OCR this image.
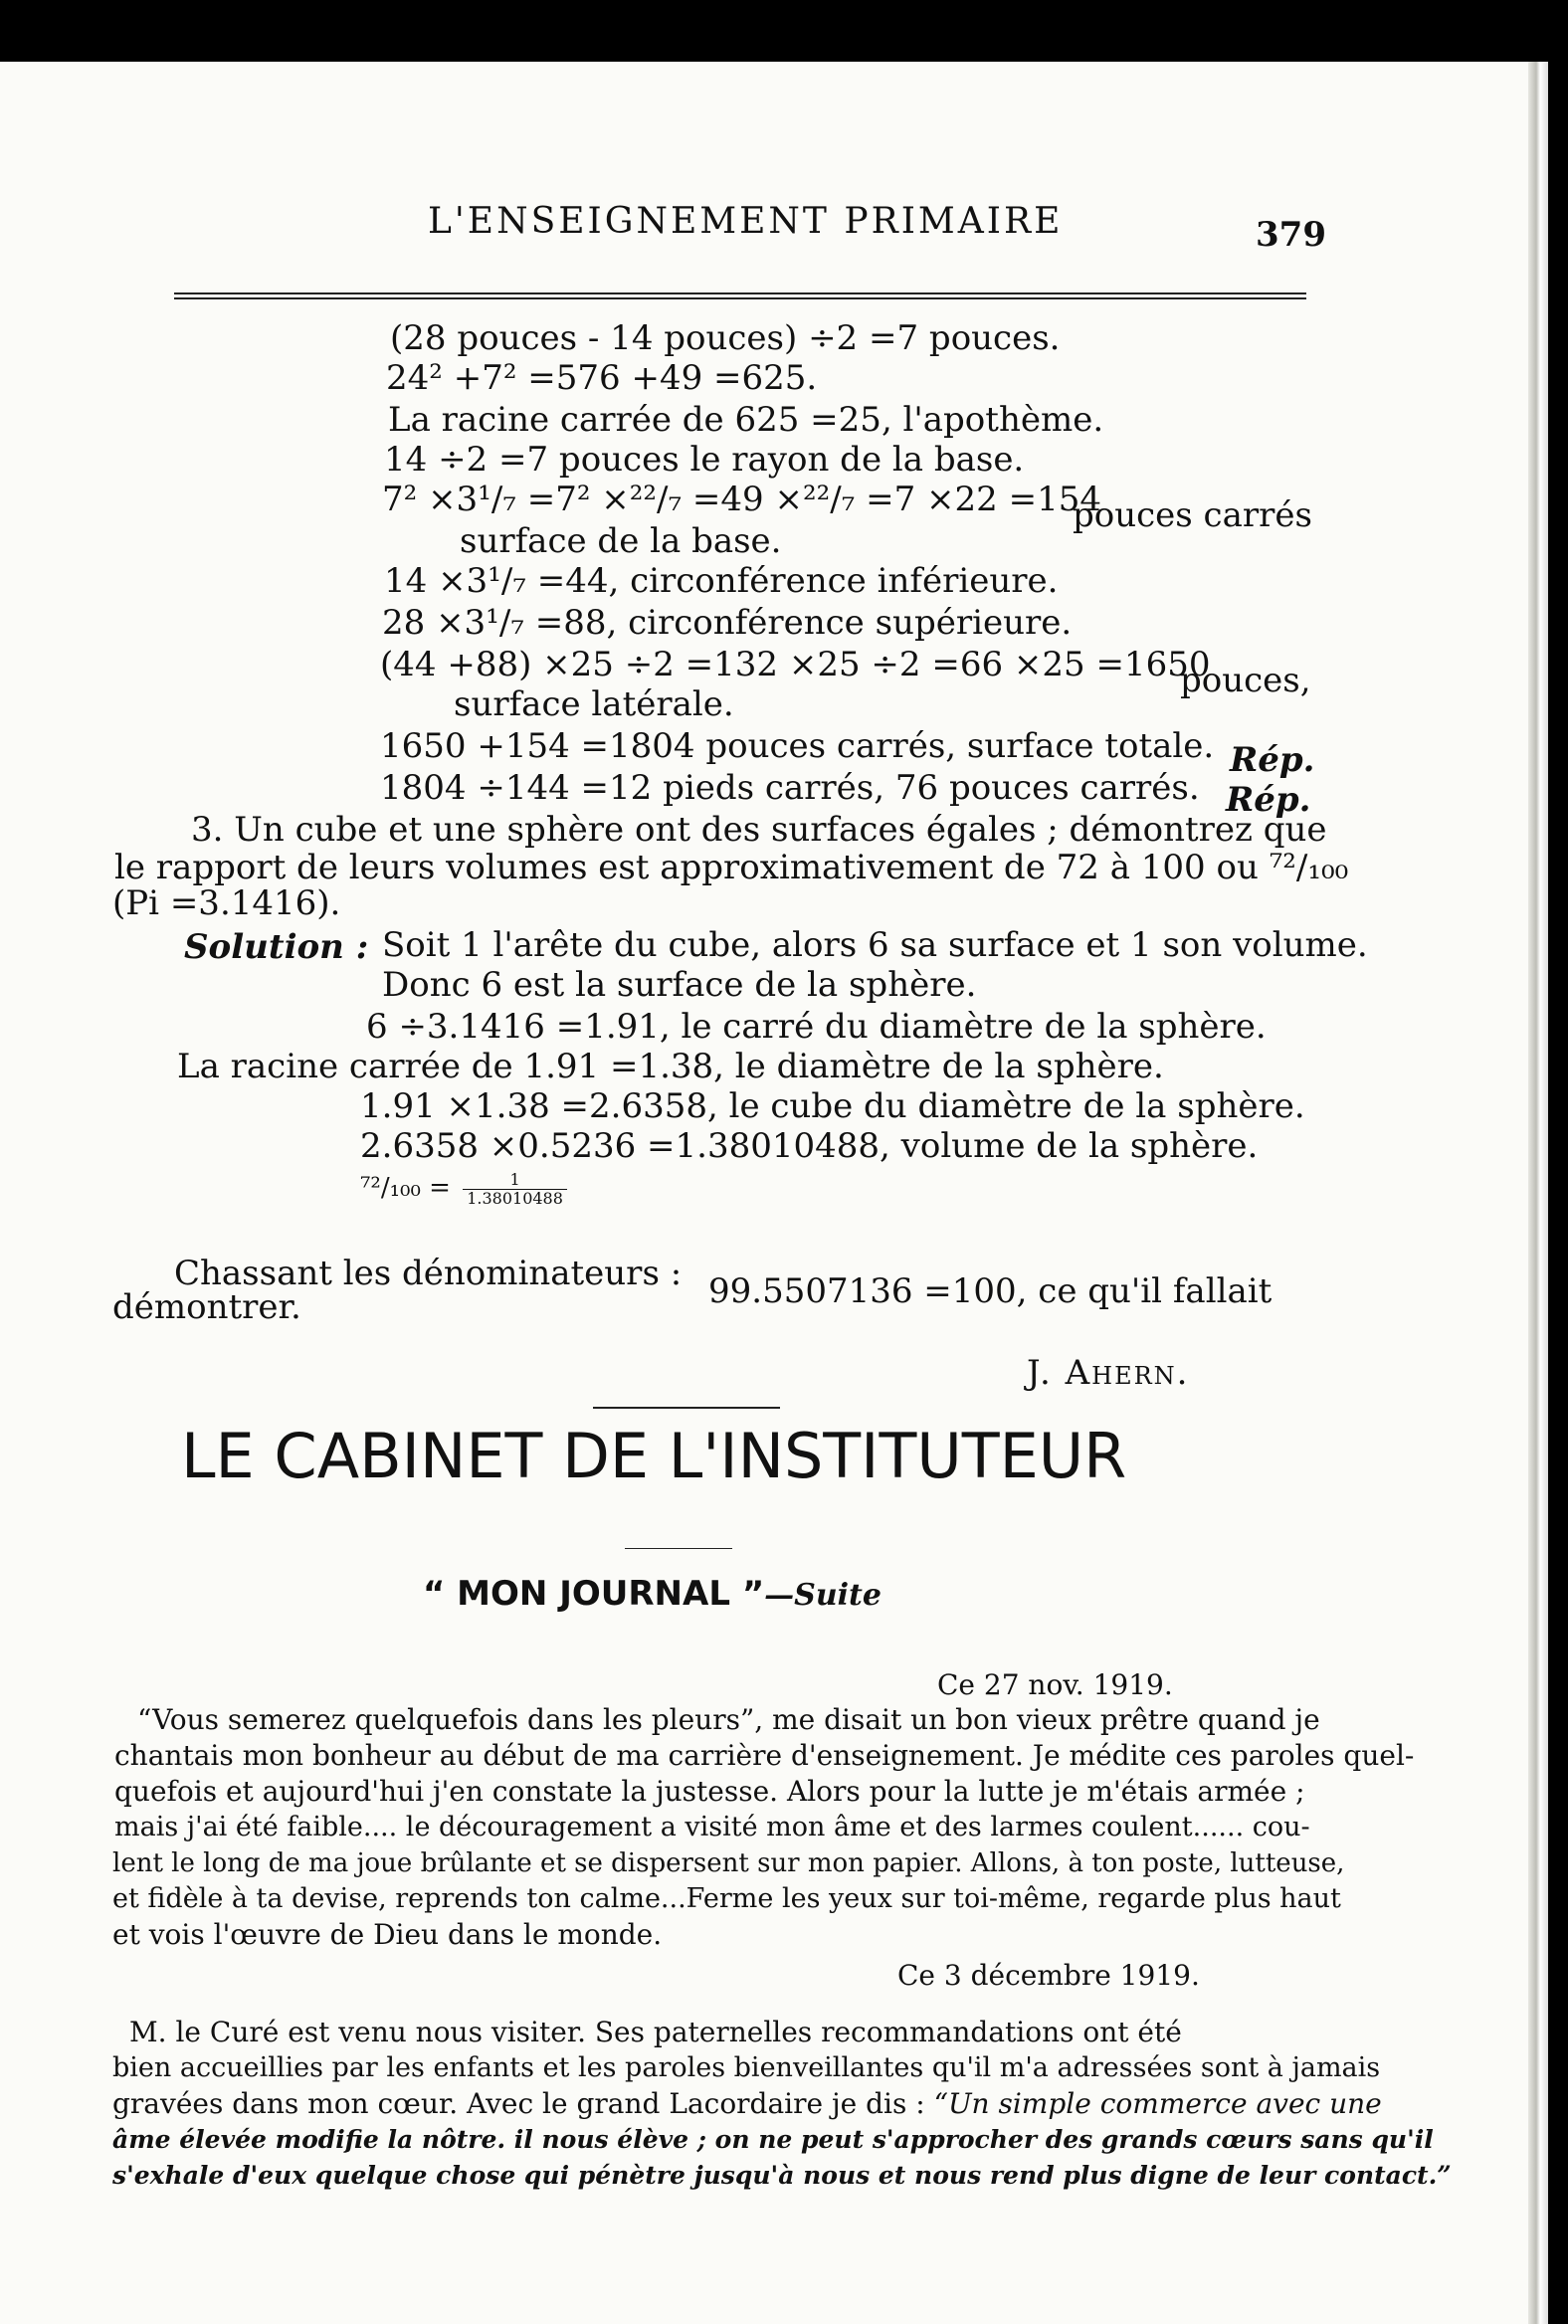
L'ENSEIGNEMENT PRIMAIRE	379
(28 pouces - 14 pouces) ÷2 =7 pouces.
24² +7² =576 +49 =625.
La racine carrée de 625 =25, l'apothème.
14 ÷2 =7 pouces le rayon de la base.
7² ×3¹/₇ =7² ×²²/₇ =49 ×²²/₇ =7 ×22 =154
pouces carrés
surface de la base.
14 ×3¹/₇ =44, circonférence inférieure.
28 ×3¹/₇ =88, circonférence supérieure.
(44 +88) ×25 ÷2 =132 ×25 ÷2 =66 ×25 =1650
pouces,
surface latérale.
1650 +154 =1804 pouces carrés, surface totale. Rép.
1804 ÷144 =12 pieds carrés, 76 pouces carrés. Rép.
3. Un cube et une sphère ont des surfaces égales ; démontrez que
le rapport de leurs volumes est approximativement de 72 à 100 ou ⁷²/₁₀₀
(Pi =3.1416).
Solution : Soit 1 l'arête du cube, alors 6 sa surface et 1 son volume.
Donc 6 est la surface de la sphère.
6 ÷3.1416 =1.91, le carré du diamètre de la sphère.
La racine carrée de 1.91 =1.38, le diamètre de la sphère.
1.91 ×1.38 =2.6358, le cube du diamètre de la sphère.
2.6358 ×0.5236 =1.38010488, volume de la sphère.
$^{72}/_{100} = \frac{1}{1.38010488}$
Chassant les dénominateurs : 99.5507136 =100, ce qu'il fallait
démontrer.
J. Ahern.
LE CABINET DE L'INSTITUTEUR
“ MON JOURNAL ”—Suite
Ce 27 nov. 1919.
“Vous semerez quelquefois dans les pleurs”, me disait un bon vieux prêtre quand je
chantais mon bonheur au début de ma carrière d'enseignement. Je médite ces paroles quel-
quefois et aujourd'hui j'en constate la justesse. Alors pour la lutte je m'étais armée ;
mais j'ai été faible.... le découragement a visité mon âme et des larmes coulent...... cou-
lent le long de ma joue brûlante et se dispersent sur mon papier. Allons, à ton poste, lutteuse,
et fidèle à ta devise, reprends ton calme...Ferme les yeux sur toi-même, regarde plus haut
et vois l'œuvre de Dieu dans le monde.
Ce 3 décembre 1919.
M. le Curé est venu nous visiter. Ses paternelles recommandations ont été
bien accueillies par les enfants et les paroles bienveillantes qu'il m'a adressées sont à jamais
gravées dans mon cœur. Avec le grand Lacordaire je dis : “Un simple commerce avec une
âme élevée modifie la nôtre. il nous élève ; on ne peut s'approcher des grands cœurs sans qu'il
s'exhale d'eux quelque chose qui pénètre jusqu'à nous et nous rend plus digne de leur contact.”
